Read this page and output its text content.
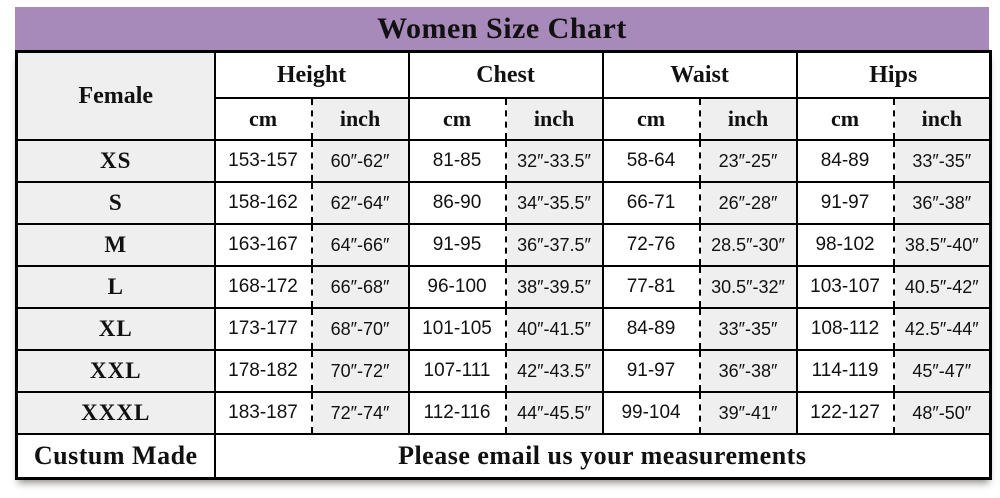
Women Size Chart
Female	Height		Chest		Waist		Hips	
	cm	inch	cm	inch	cm	inch	cm	inch
XS	153-157	60″-62″	81-85	32″-33.5″	58-64	23″-25″	84-89	33″-35″
S	158-162	62″-64″	86-90	34″-35.5″	66-71	26″-28″	91-97	36″-38″
M	163-167	64″-66″	91-95	36″-37.5″	72-76	28.5″-30″	98-102	38.5″-40″
L	168-172	66″-68″	96-100	38″-39.5″	77-81	30.5″-32″	103-107	40.5″-42″
XL	173-177	68″-70″	101-105	40″-41.5″	84-89	33″-35″	108-112	42.5″-44″
XXL	178-182	70″-72″	107-111	42″-43.5″	91-97	36″-38″	114-119	45″-47″
XXXL	183-187	72″-74″	112-116	44″-45.5″	99-104	39″-41″	122-127	48″-50″
Custum Made	Please email us your measurements							
